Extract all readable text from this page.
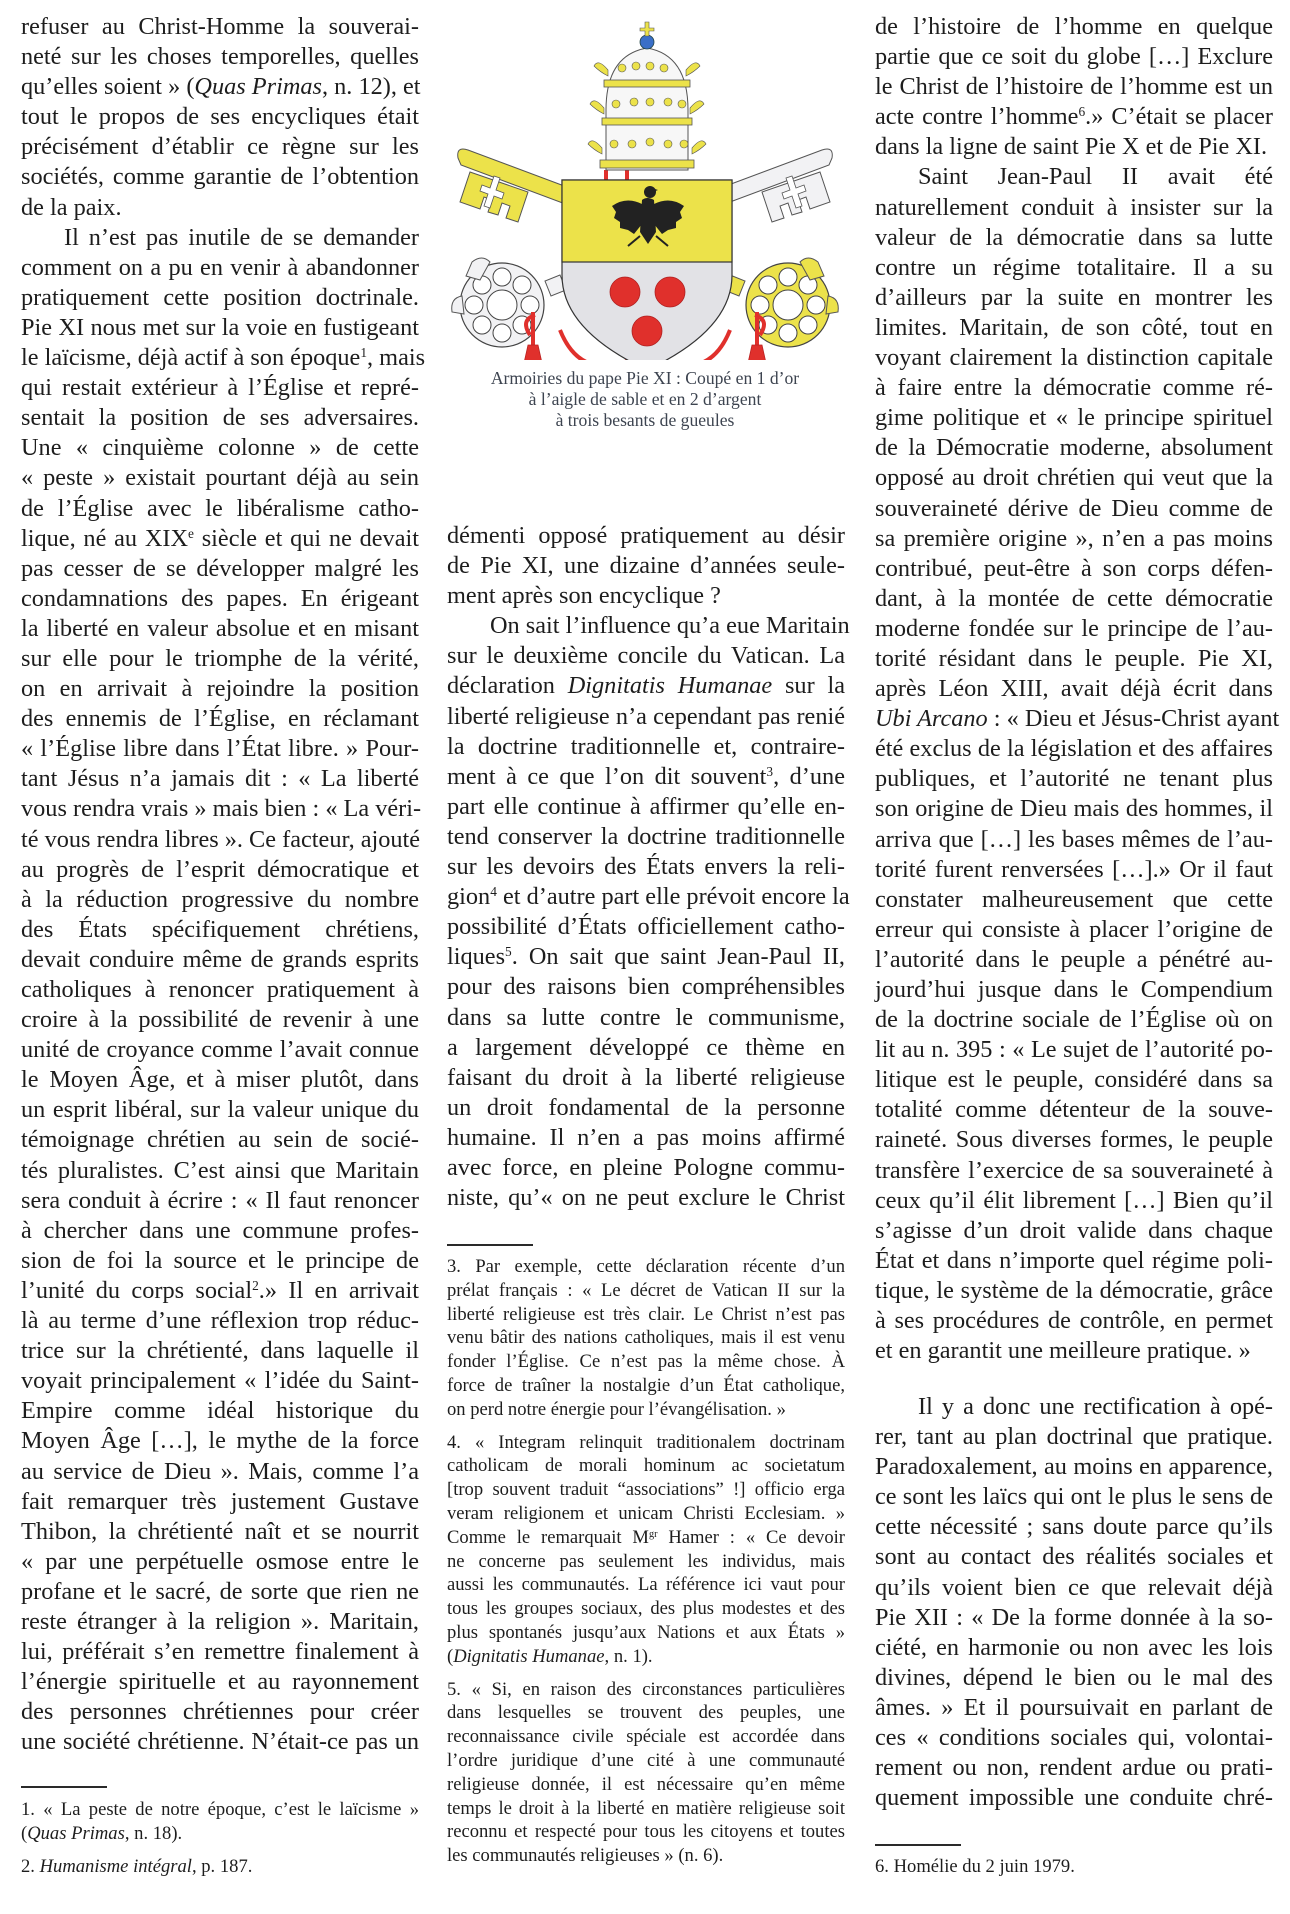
refuser au Christ-Homme la souverai-
neté sur les choses temporelles, quelles
qu’elles soient » (Quas Primas, n. 12), et
tout le propos de ses encycliques était
précisément d’établir ce règne sur les
sociétés, comme garantie de l’obtention
de la paix.
Il n’est pas inutile de se demander
comment on a pu en venir à abandonner
pratiquement cette position doctrinale.
Pie XI nous met sur la voie en fustigeant
le laïcisme, déjà actif à son époque$^1$, mais
qui restait extérieur à l’Église et repré-
sentait la position de ses adversaires.
Une « cinquième colonne » de cette
« peste » existait pourtant déjà au sein
de l’Église avec le libéralisme catho-
lique, né au XIXe siècle et qui ne devait
pas cesser de se développer malgré les
condamnations des papes. En érigeant
la liberté en valeur absolue et en misant
sur elle pour le triomphe de la vérité,
on en arrivait à rejoindre la position
des ennemis de l’Église, en réclamant
« l’Église libre dans l’État libre. » Pour-
tant Jésus n’a jamais dit : « La liberté
vous rendra vrais » mais bien : « La véri-
té vous rendra libres ». Ce facteur, ajouté
au progrès de l’esprit démocratique et
à la réduction progressive du nombre
des États spécifiquement chrétiens,
devait conduire même de grands esprits
catholiques à renoncer pratiquement à
croire à la possibilité de revenir à une
unité de croyance comme l’avait connue
le Moyen Âge, et à miser plutôt, dans
un esprit libéral, sur la valeur unique du
témoignage chrétien au sein de socié-
tés pluralistes. C’est ainsi que Maritain
sera conduit à écrire : « Il faut renoncer
à chercher dans une commune profes-
sion de foi la source et le principe de
l’unité du corps social$^2$.» Il en arrivait
là au terme d’une réflexion trop réduc-
trice sur la chrétienté, dans laquelle il
voyait principalement « l’idée du Saint-
Empire comme idéal historique du
Moyen Âge […], le mythe de la force
au service de Dieu ». Mais, comme l’a
fait remarquer très justement Gustave
Thibon, la chrétienté naît et se nourrit
« par une perpétuelle osmose entre le
profane et le sacré, de sorte que rien ne
reste étranger à la religion ». Maritain,
lui, préférait s’en remettre finalement à
l’énergie spirituelle et au rayonnement
des personnes chrétiennes pour créer
une société chrétienne. N’était-ce pas un
1. « La peste de notre époque, c’est le laïcisme »
(Quas Primas, n. 18).
2. Humanisme intégral, p. 187.
Armoiries du pape Pie XI : Coupé en 1 d’or
à l’aigle de sable et en 2 d’argent
à trois besants de gueules
démenti opposé pratiquement au désir
de Pie XI, une dizaine d’années seule-
ment après son encyclique ?
On sait l’influence qu’a eue Maritain
sur le deuxième concile du Vatican. La
déclaration Dignitatis Humanae sur la
liberté religieuse n’a cependant pas renié
la doctrine traditionnelle et, contraire-
ment à ce que l’on dit souvent$^3$, d’une
part elle continue à affirmer qu’elle en-
tend conserver la doctrine traditionnelle
sur les devoirs des États envers la reli-
gion$^4$ et d’autre part elle prévoit encore la
possibilité d’États officiellement catho-
liques$^5$. On sait que saint Jean-Paul II,
pour des raisons bien compréhensibles
dans sa lutte contre le communisme,
a largement développé ce thème en
faisant du droit à la liberté religieuse
un droit fondamental de la personne
humaine. Il n’en a pas moins affirmé
avec force, en pleine Pologne commu-
niste, qu’« on ne peut exclure le Christ
3. Par exemple, cette déclaration récente d’un
prélat français : « Le décret de Vatican II sur la
liberté religieuse est très clair. Le Christ n’est pas
venu bâtir des nations catholiques, mais il est venu
fonder l’Église. Ce n’est pas la même chose. À
force de traîner la nostalgie d’un État catholique,
on perd notre énergie pour l’évangélisation. »
4. « Integram relinquit traditionalem doctrinam
catholicam de morali hominum ac societatum
[trop souvent traduit “associations” !] officio erga
veram religionem et unicam Christi Ecclesiam. »
Comme le remarquait $M^{gr}$ Hamer : « Ce devoir
ne concerne pas seulement les individus, mais
aussi les communautés. La référence ici vaut pour
tous les groupes sociaux, des plus modestes et des
plus spontanés jusqu’aux Nations et aux États »
(Dignitatis Humanae, n. 1).
5. « Si, en raison des circonstances particulières
dans lesquelles se trouvent des peuples, une
reconnaissance civile spéciale est accordée dans
l’ordre juridique d’une cité à une communauté
religieuse donnée, il est nécessaire qu’en même
temps le droit à la liberté en matière religieuse soit
reconnu et respecté pour tous les citoyens et toutes
les communautés religieuses » (n. 6).
de l’histoire de l’homme en quelque
partie que ce soit du globe […] Exclure
le Christ de l’histoire de l’homme est un
acte contre l’homme$^6$.» C’était se placer
dans la ligne de saint Pie X et de Pie XI.
Saint Jean-Paul II avait été
naturellement conduit à insister sur la
valeur de la démocratie dans sa lutte
contre un régime totalitaire. Il a su
d’ailleurs par la suite en montrer les
limites. Maritain, de son côté, tout en
voyant clairement la distinction capitale
à faire entre la démocratie comme ré-
gime politique et « le principe spirituel
de la Démocratie moderne, absolument
opposé au droit chrétien qui veut que la
souveraineté dérive de Dieu comme de
sa première origine », n’en a pas moins
contribué, peut-être à son corps défen-
dant, à la montée de cette démocratie
moderne fondée sur le principe de l’au-
torité résidant dans le peuple. Pie XI,
après Léon XIII, avait déjà écrit dans
Ubi Arcano : « Dieu et Jésus-Christ ayant
été exclus de la législation et des affaires
publiques, et l’autorité ne tenant plus
son origine de Dieu mais des hommes, il
arriva que […] les bases mêmes de l’au-
torité furent renversées […].» Or il faut
constater malheureusement que cette
erreur qui consiste à placer l’origine de
l’autorité dans le peuple a pénétré au-
jourd’hui jusque dans le Compendium
de la doctrine sociale de l’Église où on
lit au n. 395 : « Le sujet de l’autorité po-
litique est le peuple, considéré dans sa
totalité comme détenteur de la souve-
raineté. Sous diverses formes, le peuple
transfère l’exercice de sa souveraineté à
ceux qu’il élit librement […] Bien qu’il
s’agisse d’un droit valide dans chaque
État et dans n’importe quel régime poli-
tique, le système de la démocratie, grâce
à ses procédures de contrôle, en permet
et en garantit une meilleure pratique. »
Il y a donc une rectification à opé-
rer, tant au plan doctrinal que pratique.
Paradoxalement, au moins en apparence,
ce sont les laïcs qui ont le plus le sens de
cette nécessité ; sans doute parce qu’ils
sont au contact des réalités sociales et
qu’ils voient bien ce que relevait déjà
Pie XII : « De la forme donnée à la so-
ciété, en harmonie ou non avec les lois
divines, dépend le bien ou le mal des
âmes. » Et il poursuivait en parlant de
ces « conditions sociales qui, volontai-
rement ou non, rendent ardue ou prati-
quement impossible une conduite chré-
6. Homélie du 2 juin 1979.
